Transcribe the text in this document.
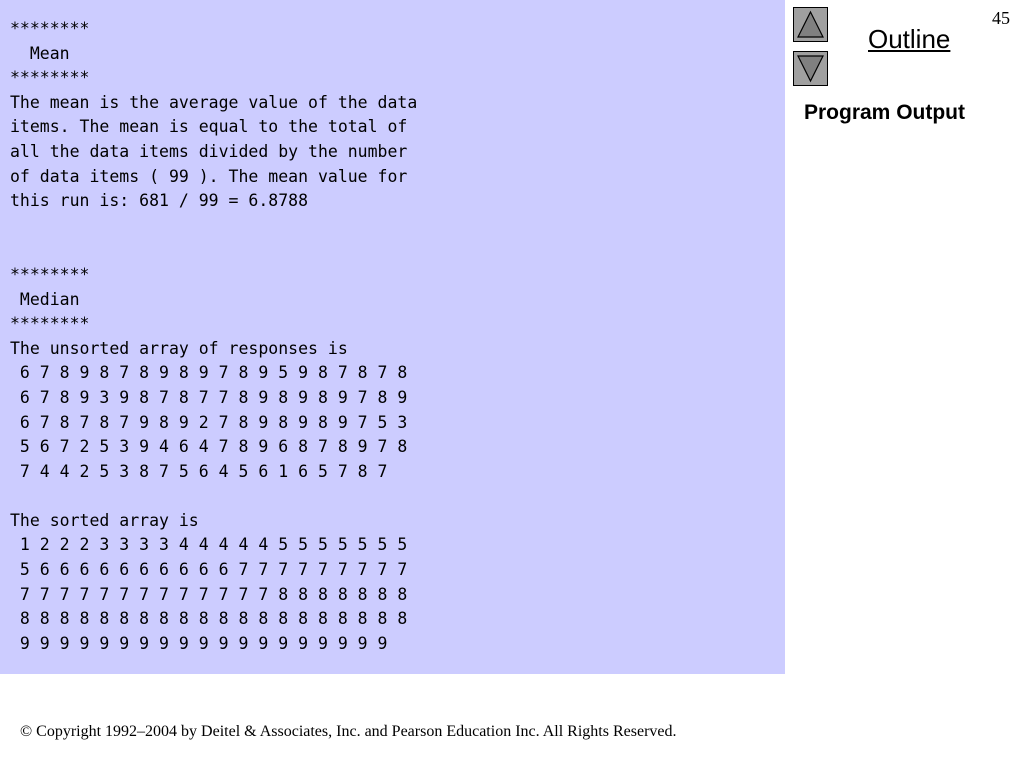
********
Mean
********
The mean is the average value of the data
items. The mean is equal to the total of
all the data items divided by the number
of data items ( 99 ). The mean value for
this run is: 681 / 99 = 6.8788

********
Median
********
The unsorted array of responses is
6 7 8 9 8 7 8 9 8 9 7 8 9 5 9 8 7 8 7 8
6 7 8 9 3 9 8 7 8 7 7 8 9 8 9 8 9 7 8 9
6 7 8 7 8 7 9 8 9 2 7 8 9 8 9 8 9 7 5 3
5 6 7 2 5 3 9 4 6 4 7 8 9 6 8 7 8 9 7 8
7 4 4 2 5 3 8 7 5 6 4 5 6 1 6 5 7 8 7

The sorted array is
1 2 2 2 3 3 3 3 4 4 4 4 4 5 5 5 5 5 5 5
5 6 6 6 6 6 6 6 6 6 6 7 7 7 7 7 7 7 7 7
7 7 7 7 7 7 7 7 7 7 7 7 7 8 8 8 8 8 8 8
8 8 8 8 8 8 8 8 8 8 8 8 8 8 8 8 8 8 8 8
9 9 9 9 9 9 9 9 9 9 9 9 9 9 9 9 9 9 9

Outline
45
Program Output
© Copyright 1992–2004 by Deitel & Associates, Inc. and Pearson Education Inc. All Rights Reserved.
